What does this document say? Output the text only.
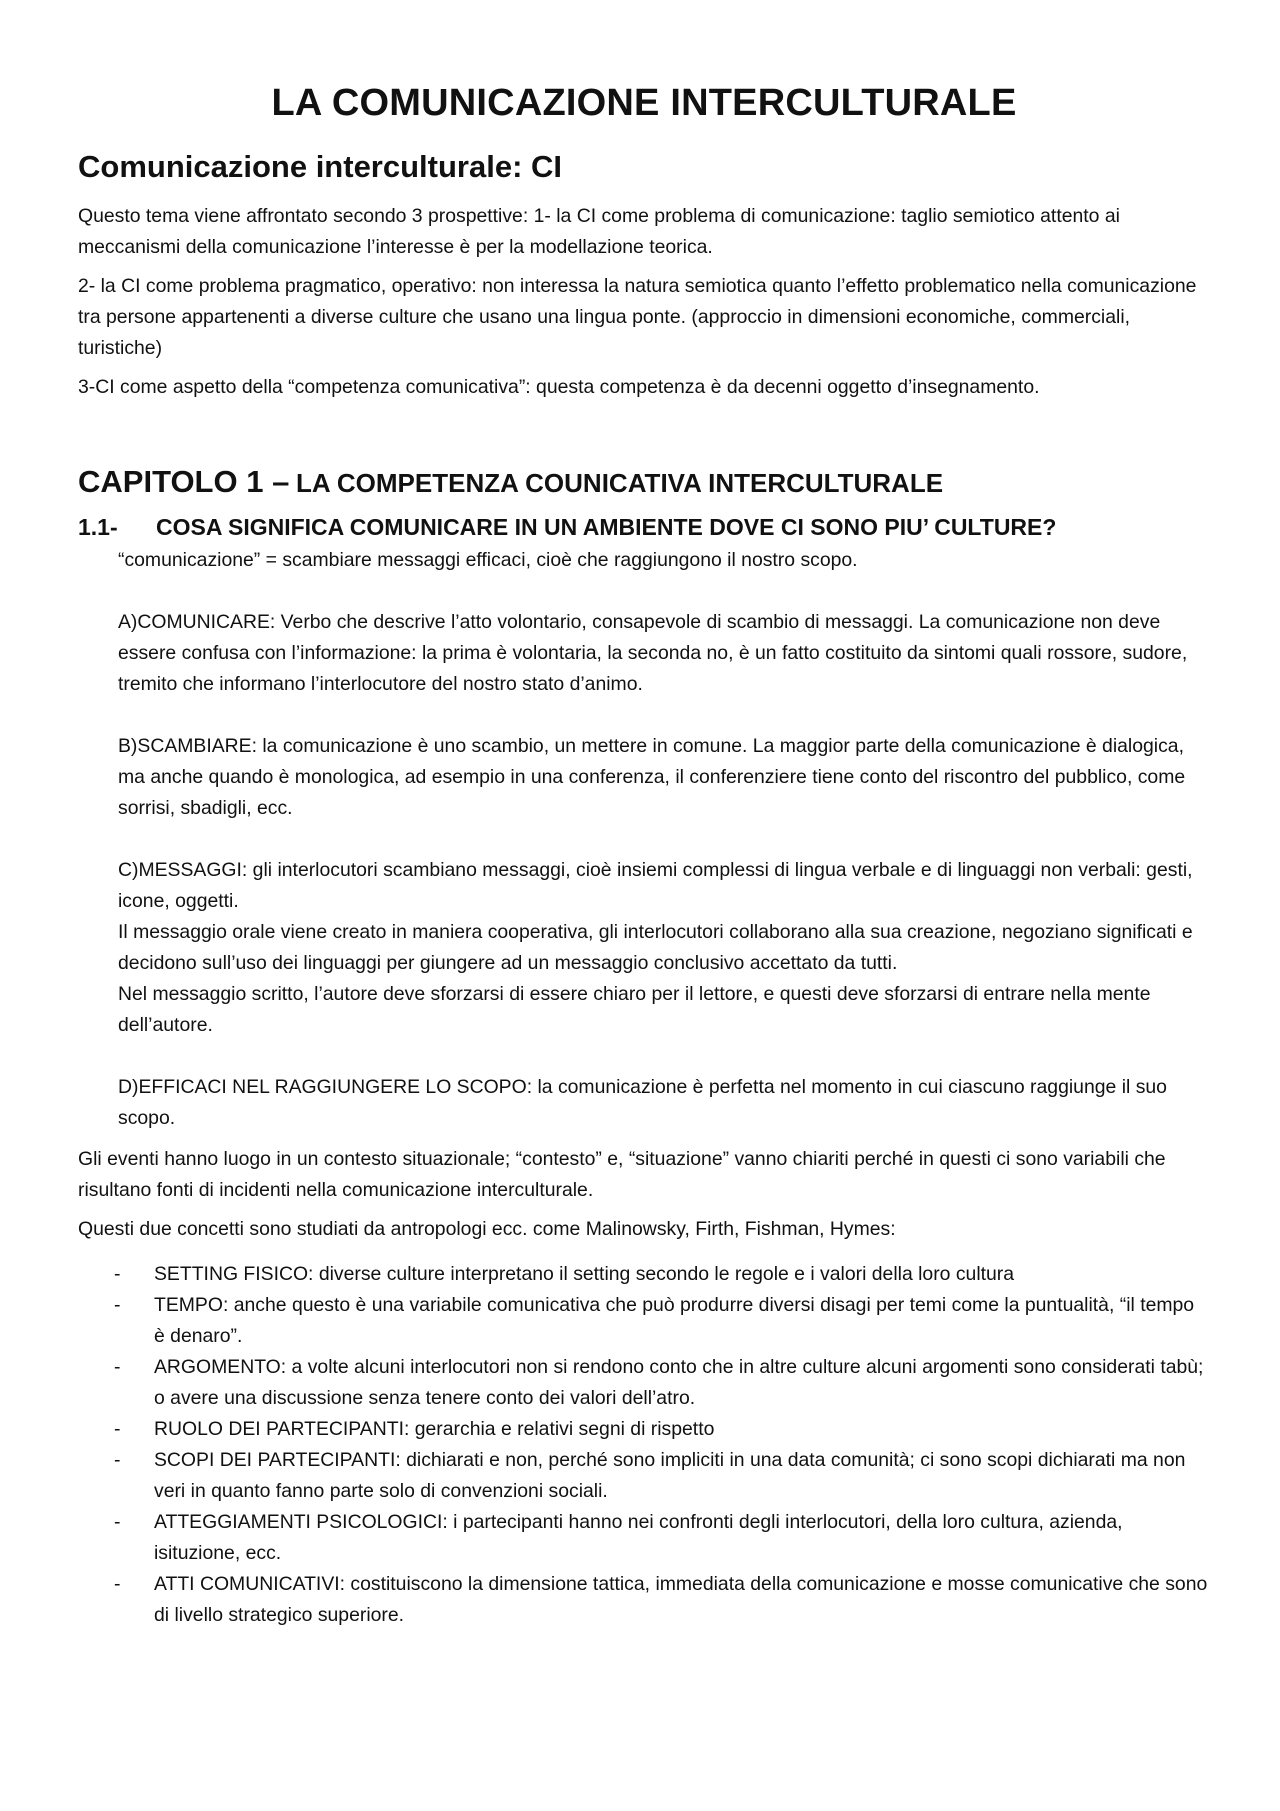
LA COMUNICAZIONE INTERCULTURALE
Comunicazione interculturale: CI

Questo tema viene affrontato secondo 3 prospettive: 1- la CI come problema di comunicazione: taglio semiotico attento ai meccanismi della comunicazione l’interesse è per la modellazione teorica.

2- la CI come problema pragmatico, operativo: non interessa la natura semiotica quanto l’effetto problematico nella comunicazione tra persone appartenenti a diverse culture che usano una lingua ponte. (approccio in dimensioni economiche, commerciali, turistiche)

3-CI come aspetto della “competenza comunicativa”: questa competenza è da decenni oggetto d’insegnamento.

CAPITOLO 1 – LA COMPETENZA COUNICATIVA INTERCULTURALE
1.1-	COSA SIGNIFICA COMUNICARE IN UN AMBIENTE DOVE CI SONO PIU’ CULTURE?

“comunicazione” = scambiare messaggi efficaci, cioè che raggiungono il nostro scopo.

A)COMUNICARE: Verbo che descrive l’atto volontario, consapevole di scambio di messaggi. La comunicazione non deve essere confusa con l’informazione: la prima è volontaria, la seconda no, è un fatto costituito da sintomi quali rossore, sudore, tremito che informano l’interlocutore del nostro stato d’animo.

B)SCAMBIARE: la comunicazione è uno scambio, un mettere in comune. La maggior parte della comunicazione è dialogica, ma anche quando è monologica, ad esempio in una conferenza, il conferenziere tiene conto del riscontro del pubblico, come sorrisi, sbadigli, ecc.

C)MESSAGGI: gli interlocutori scambiano messaggi, cioè insiemi complessi di lingua verbale e di linguaggi non verbali: gesti, icone, oggetti.

Il messaggio orale viene creato in maniera cooperativa, gli interlocutori collaborano alla sua creazione, negoziano significati e decidono sull’uso dei linguaggi per giungere ad un messaggio conclusivo accettato da tutti.

Nel messaggio scritto, l’autore deve sforzarsi di essere chiaro per il lettore, e questi deve sforzarsi di entrare nella mente dell’autore.

D)EFFICACI NEL RAGGIUNGERE LO SCOPO: la comunicazione è perfetta nel momento in cui ciascuno raggiunge il suo scopo.

Gli eventi hanno luogo in un contesto situazionale; “contesto” e, “situazione” vanno chiariti perché in questi ci sono variabili che risultano fonti di incidenti nella comunicazione interculturale.

Questi due concetti sono studiati da antropologi ecc. come Malinowsky, Firth, Fishman, Hymes:

-	SETTING FISICO: diverse culture interpretano il setting secondo le regole e i valori della loro cultura
-	TEMPO: anche questo è una variabile comunicativa che può produrre diversi disagi per temi come la puntualità, “il tempo è denaro”.
-	ARGOMENTO: a volte alcuni interlocutori non si rendono conto che in altre culture alcuni argomenti sono considerati tabù; o avere una discussione senza tenere conto dei valori dell’atro.
-	RUOLO DEI PARTECIPANTI: gerarchia e relativi segni di rispetto
-	SCOPI DEI PARTECIPANTI: dichiarati e non, perché sono impliciti in una data comunità; ci sono scopi dichiarati ma non veri in quanto fanno parte solo di convenzioni sociali.
-	ATTEGGIAMENTI PSICOLOGICI: i partecipanti hanno nei confronti degli interlocutori, della loro cultura, azienda, isituzione, ecc.
-	ATTI COMUNICATIVI: costituiscono la dimensione tattica, immediata della comunicazione e mosse comunicative che sono di livello strategico superiore.
